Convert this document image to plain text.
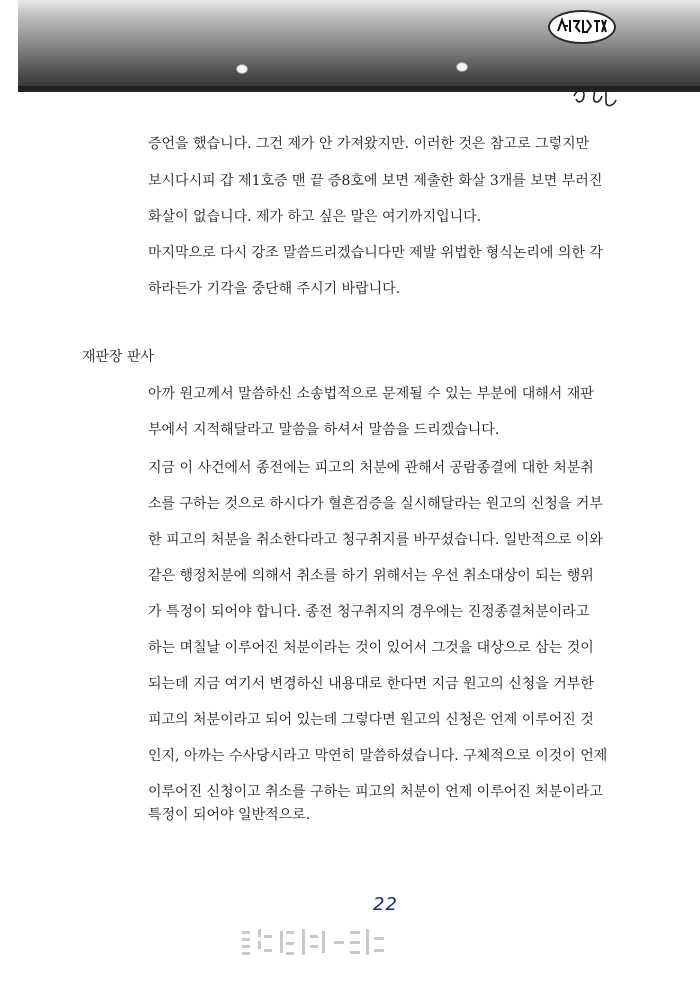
증언을 했습니다. 그건 제가 안 가져왔지만. 이러한 것은 참고로 그렇지만
보시다시피 갑 제1호증 맨 끝 증8호에 보면 제출한 화살 3개를 보면 부러진
화살이 없습니다. 제가 하고 싶은 말은 여기까지입니다.
마지막으로 다시 강조 말씀드리겠습니다만 제발 위법한 형식논리에 의한 각
하라든가 기각을 중단해 주시기 바랍니다.
재판장 판사
아까 원고께서 말씀하신 소송법적으로 문제될 수 있는 부분에 대해서 재판
부에서 지적해달라고 말씀을 하셔서 말씀을 드리겠습니다.
지금 이 사건에서 종전에는 피고의 처분에 관해서 공람종결에 대한 처분취
소를 구하는 것으로 하시다가 혈흔검증을 실시해달라는 원고의 신청을 거부
한 피고의 처분을 취소한다라고 청구취지를 바꾸셨습니다. 일반적으로 이와
같은 행정처분에 의해서 취소를 하기 위해서는 우선 취소대상이 되는 행위
가 특정이 되어야 합니다. 종전 청구취지의 경우에는 진정종결처분이라고
하는 며칠날 이루어진 처분이라는 것이 있어서 그것을 대상으로 삼는 것이
되는데 지금 여기서 변경하신 내용대로 한다면 지금 원고의 신청을 거부한
피고의 처분이라고 되어 있는데 그렇다면 원고의 신청은 언제 이루어진 것
인지, 아까는 수사당시라고 막연히 말씀하셨습니다. 구체적으로 이것이 언제
이루어진 신청이고 취소를 구하는 피고의 처분이 언제 이루어진 처분이라고
특정이 되어야 일반적으로.
22
